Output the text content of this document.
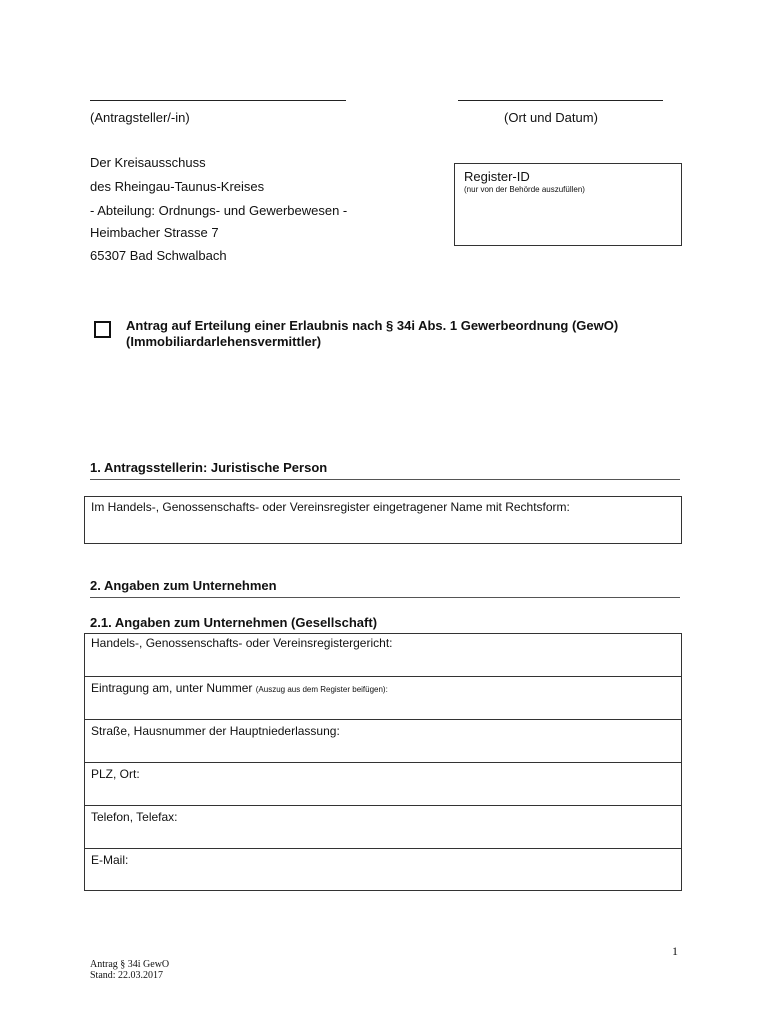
(Antragsteller/-in)	(Ort und Datum)
Der Kreisausschuss
des Rheingau-Taunus-Kreises
- Abteilung: Ordnungs- und Gewerbewesen -
Heimbacher Strasse 7
65307 Bad Schwalbach
Register-ID
(nur von der Behörde auszufüllen)
Antrag auf Erteilung einer Erlaubnis nach § 34i Abs. 1 Gewerbeordnung (GewO)
(Immobiliardarlehensvermittler)
1. Antragsstellerin: Juristische Person
Im Handels-, Genossenschafts- oder Vereinsregister eingetragener Name mit Rechtsform:
2. Angaben zum Unternehmen
2.1. Angaben zum Unternehmen (Gesellschaft)
Handels-, Genossenschafts- oder Vereinsregistergericht:
Eintragung am, unter Nummer (Auszug aus dem Register beifügen):
Straße, Hausnummer der Hauptniederlassung:
PLZ, Ort:
Telefon, Telefax:
E-Mail:
1
Antrag § 34i GewO
Stand: 22.03.2017
